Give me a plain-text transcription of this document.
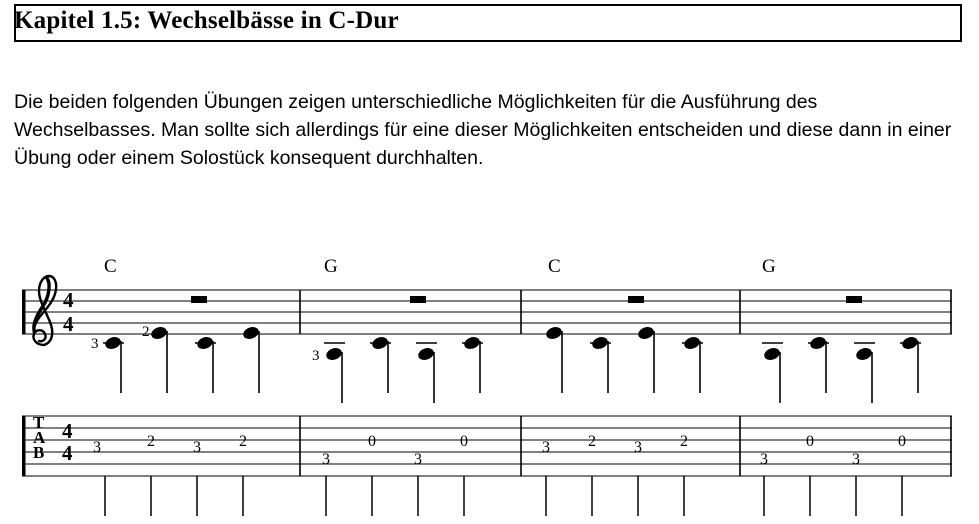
Kapitel 1.5: Wechselbässe in C-Dur
Die beiden folgenden Übungen zeigen unterschiedliche Möglichkeiten für die Ausführung des Wechselbasses. Man sollte sich allerdings für eine dieser Möglichkeiten entscheiden und diese dann in einer Übung oder einem Solostück konsequent durchhalten.
4
4
T
A
B
4
4
C	G	C	G
3
2
3
3	2 3 2
3
0
3
0	3 2 3 2
3
0
3
0
